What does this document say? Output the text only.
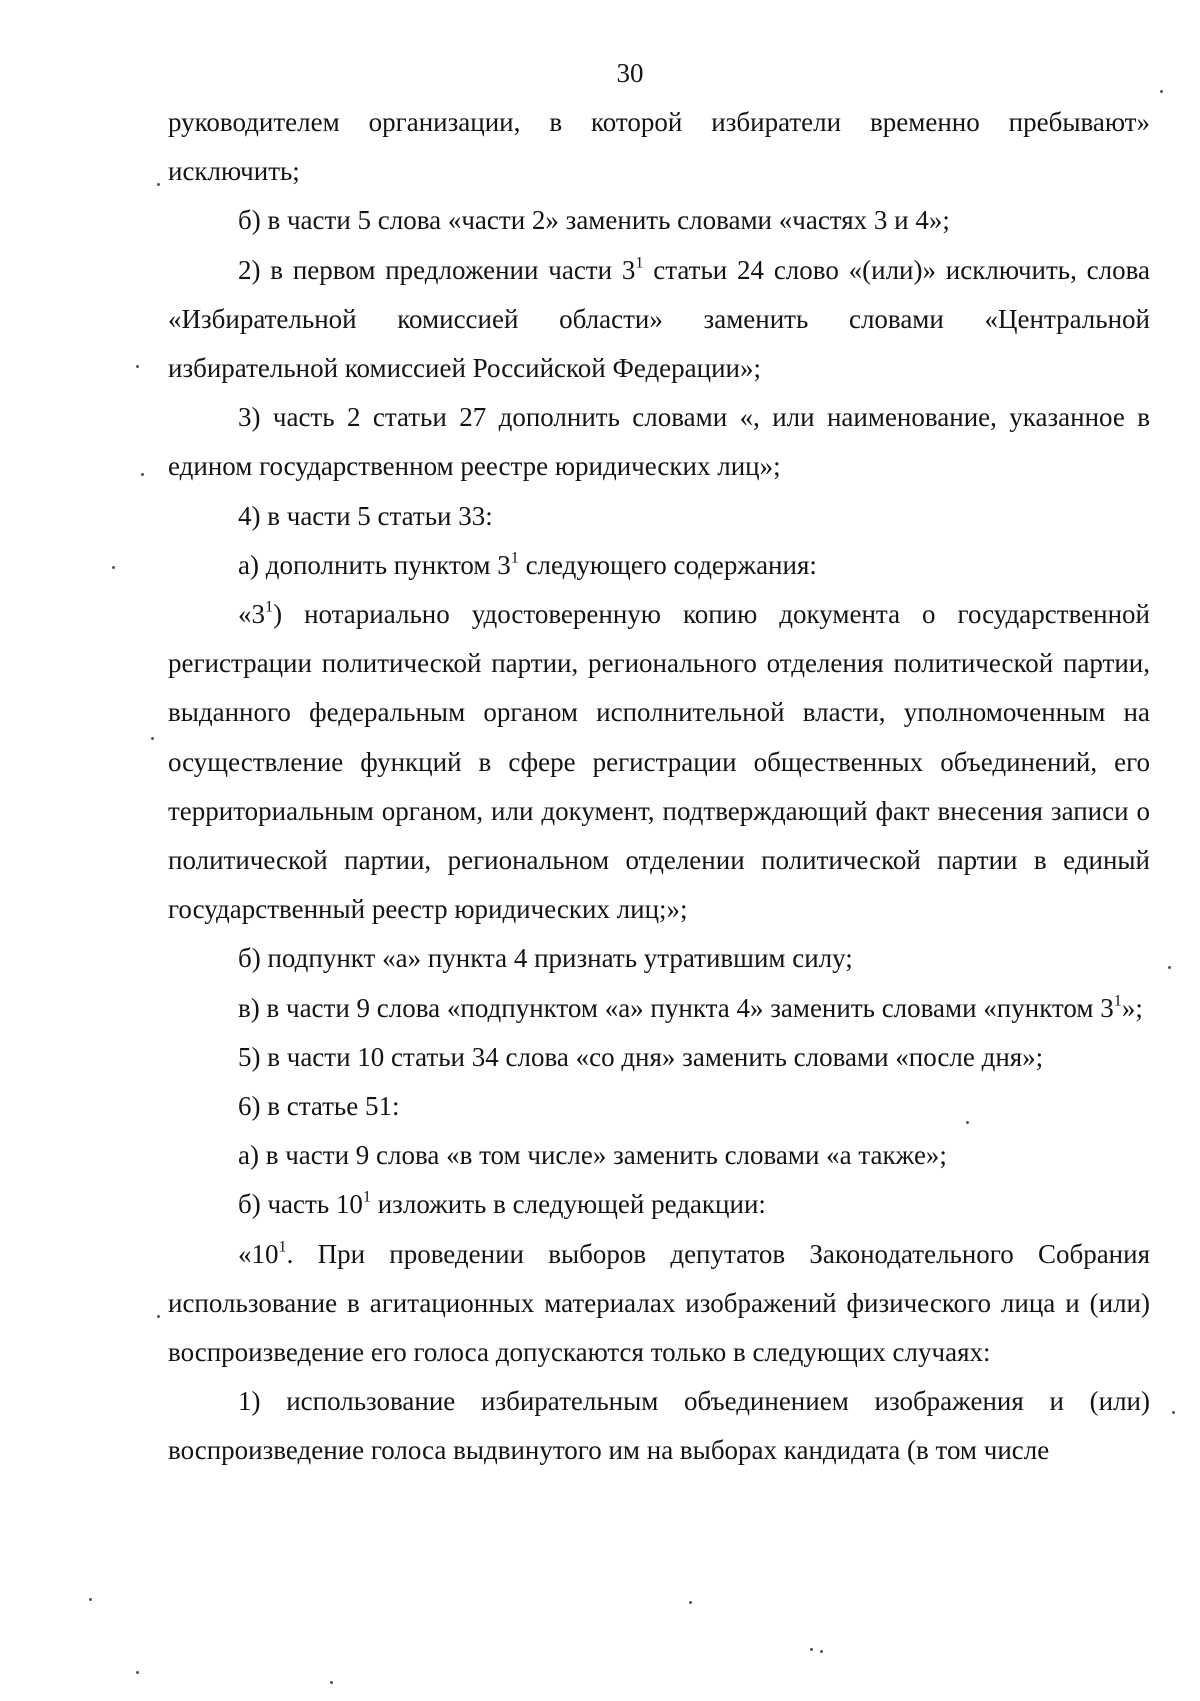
30

руководителем организации, в которой избиратели временно пребывают» исключить;

б) в части 5 слова «части 2» заменить словами «частях 3 и 4»;

2) в первом предложении части $3^1$ статьи 24 слово «(или)» исключить, слова «Избирательной комиссией области» заменить словами «Центральной избирательной комиссией Российской Федерации»;

3) часть 2 статьи 27 дополнить словами «, или наименование, указанное в едином государственном реестре юридических лиц»;

4) в части 5 статьи 33:

а) дополнить пунктом $3^1$ следующего содержания:

«$3^1$) нотариально удостоверенную копию документа о государственной регистрации политической партии, регионального отделения политической партии, выданного федеральным органом исполнительной власти, уполномоченным на осуществление функций в сфере регистрации общественных объединений, его территориальным органом, или документ, подтверждающий факт внесения записи о политической партии, региональном отделении политической партии в единый государственный реестр юридических лиц;»;

б) подпункт «а» пункта 4 признать утратившим силу;

в) в части 9 слова «подпунктом «а» пункта 4» заменить словами «пунктом $3^1$»;

5) в части 10 статьи 34 слова «со дня» заменить словами «после дня»;

6) в статье 51:

а) в части 9 слова «в том числе» заменить словами «а также»;

б) часть $10^1$ изложить в следующей редакции:

«$10^1$. При проведении выборов депутатов Законодательного Собрания использование в агитационных материалах изображений физического лица и (или) воспроизведение его голоса допускаются только в следующих случаях:

1) использование избирательным объединением изображения и (или) воспроизведение голоса выдвинутого им на выборах кандидата (в том числе
